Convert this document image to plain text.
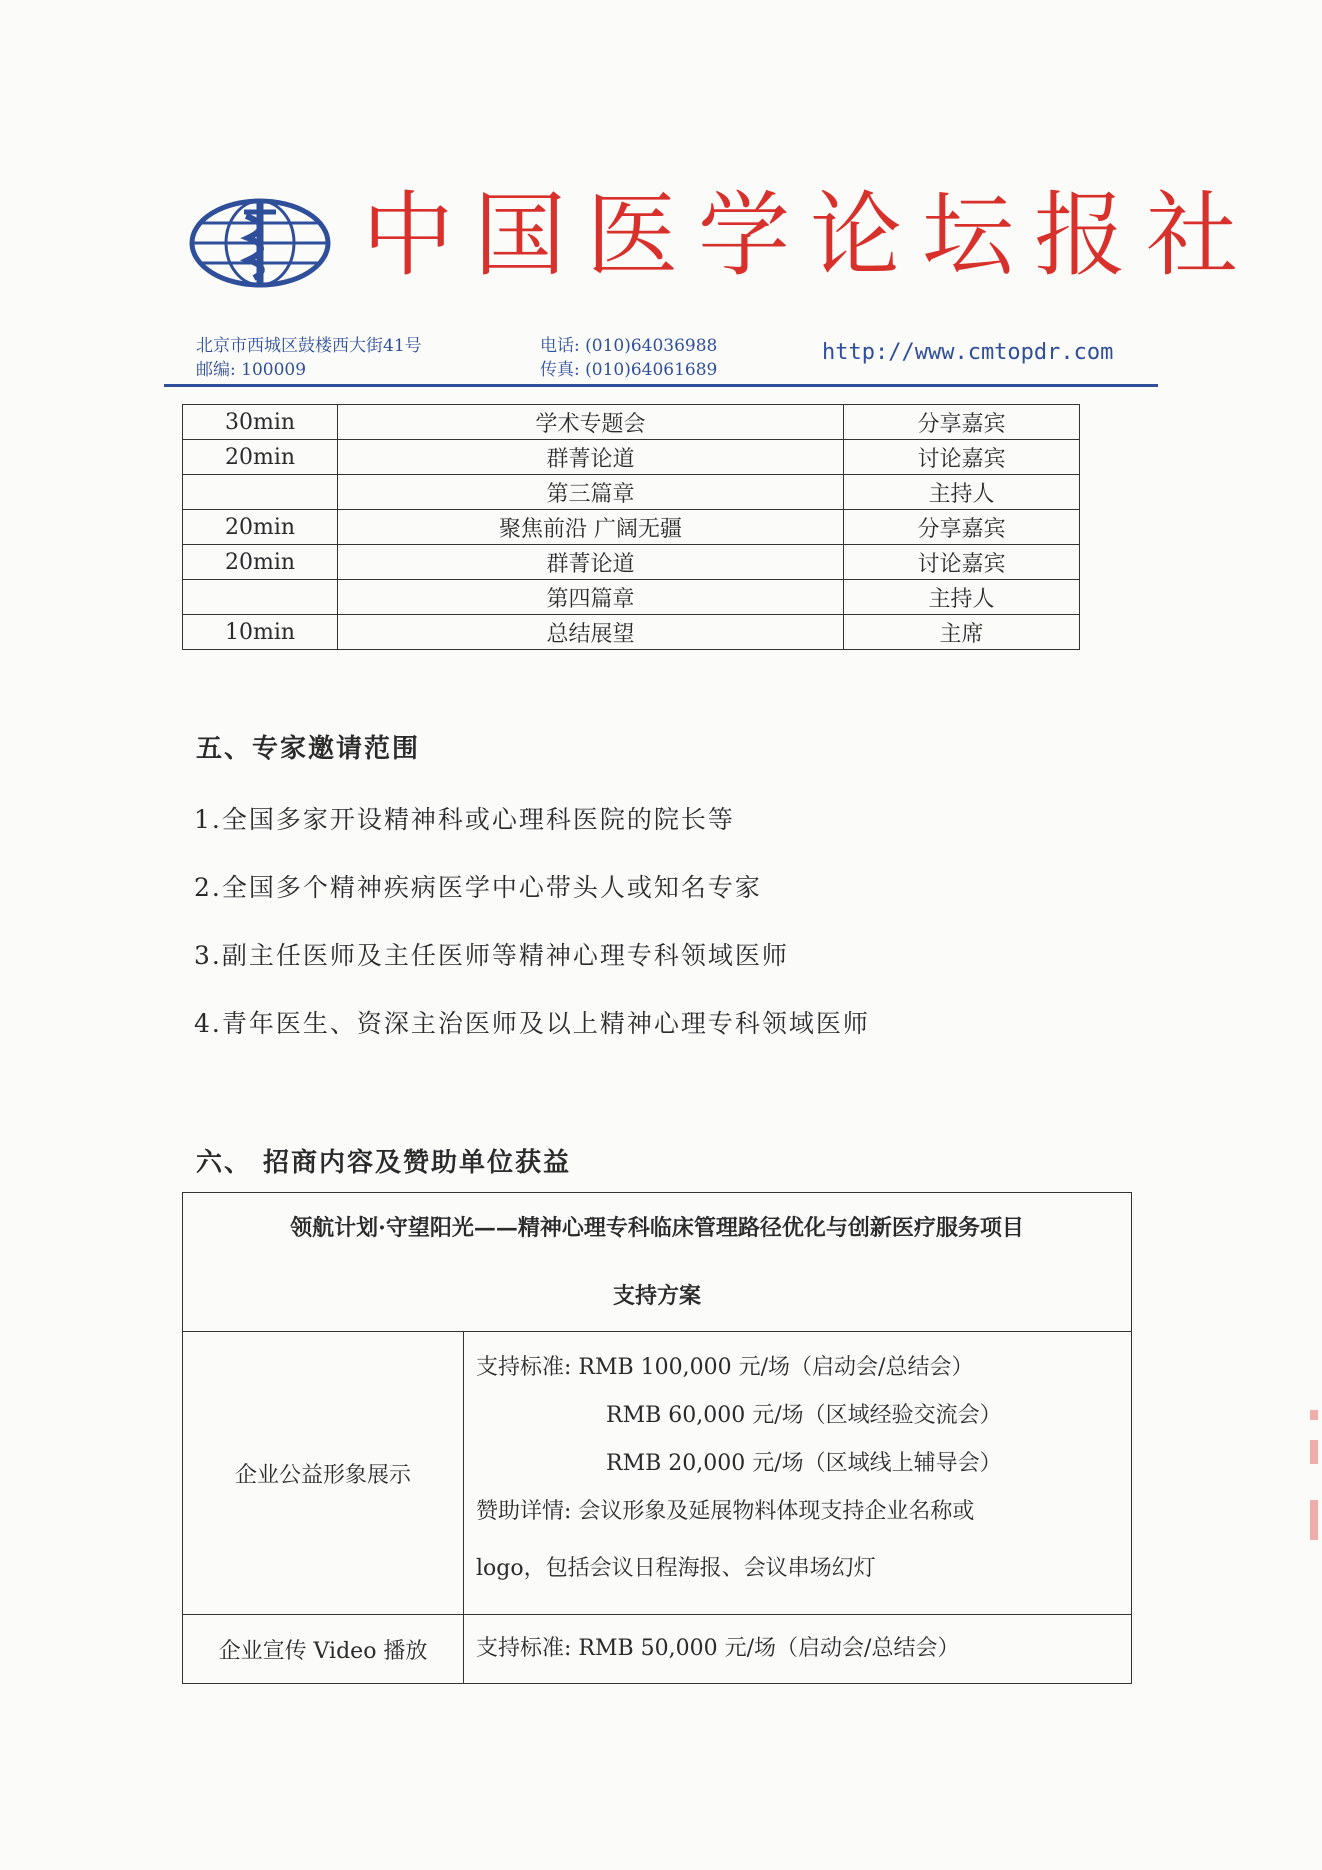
中国医学论坛报社
北京市西城区鼓楼西大街41号
邮编: 100009
电话: (010)64036988
传真: (010)64061689
http://www.cmtopdr.com
30min	学术专题会	分享嘉宾
20min	群菁论道	讨论嘉宾
	第三篇章	主持人
20min	聚焦前沿 广阔无疆	分享嘉宾
20min	群菁论道	讨论嘉宾
	第四篇章	主持人
10min	总结展望	主席
五、专家邀请范围
1.全国多家开设精神科或心理科医院的院长等
2.全国多个精神疾病医学中心带头人或知名专家
3.副主任医师及主任医师等精神心理专科领域医师
4.青年医生、资深主治医师及以上精神心理专科领域医师
六、 招商内容及赞助单位获益
领航计划·守望阳光——精神心理专科临床管理路径优化与创新医疗服务项目
支持方案	

企业公益形象展示	支持标准: RMB 100,000 元/场（启动会/总结会）
RMB 60,000 元/场（区域经验交流会）
RMB 20,000 元/场（区域线上辅导会）
赞助详情: 会议形象及延展物料体现支持企业名称或
logo，包括会议日程海报、会议串场幻灯

企业宣传 Video 播放	支持标准: RMB 50,000 元/场（启动会/总结会）
